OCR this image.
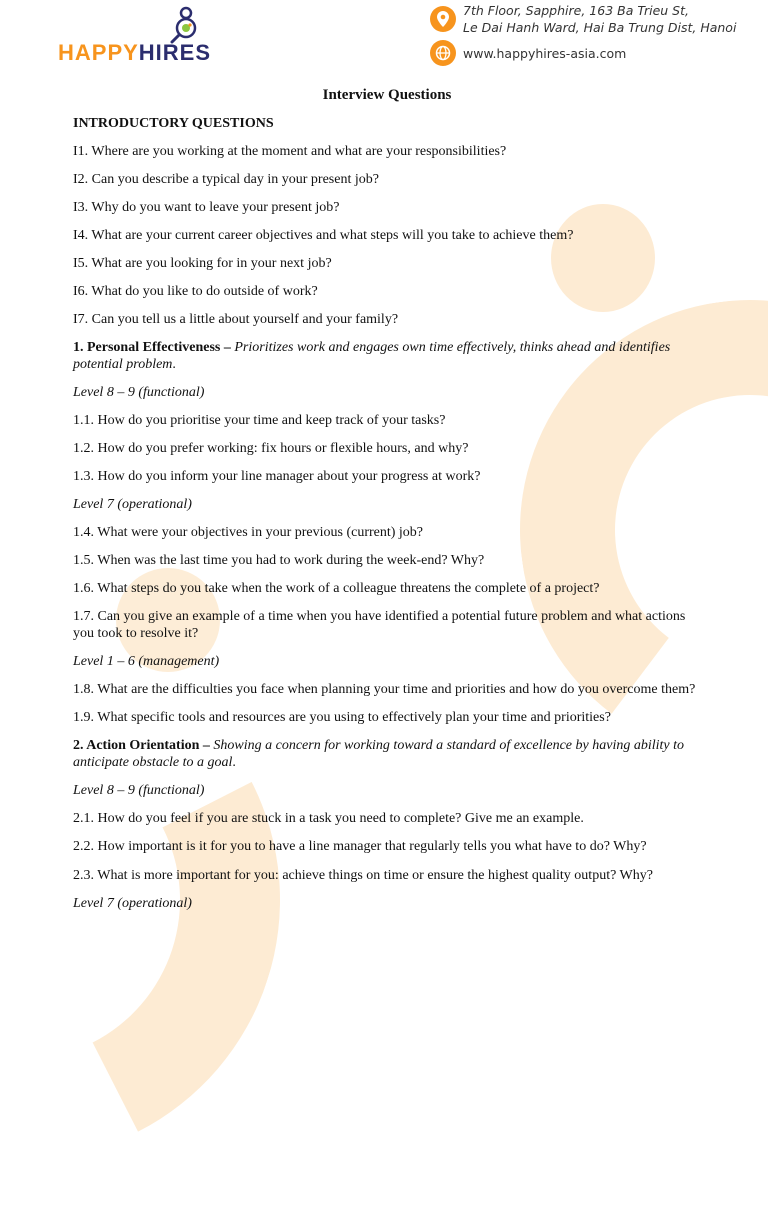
HAPPYHIRES
7th Floor, Sapphire, 163 Ba Trieu St,
Le Dai Hanh Ward, Hai Ba Trung Dist, Hanoi
www.happyhires-asia.com

Interview Questions

INTRODUCTORY QUESTIONS

I1. Where are you working at the moment and what are your responsibilities?

I2. Can you describe a typical day in your present job?

I3. Why do you want to leave your present job?

I4. What are your current career objectives and what steps will you take to achieve them?

I5. What are you looking for in your next job?

I6. What do you like to do outside of work?

I7. Can you tell us a little about yourself and your family?

1. Personal Effectiveness – Prioritizes work and engages own time effectively, thinks ahead and identifies

potential problem.

Level 8 – 9 (functional)

1.1. How do you prioritise your time and keep track of your tasks?

1.2. How do you prefer working: fix hours or flexible hours, and why?

1.3. How do you inform your line manager about your progress at work?

Level 7 (operational)

1.4. What were your objectives in your previous (current) job?

1.5. When was the last time you had to work during the week-end? Why?

1.6. What steps do you take when the work of a colleague threatens the complete of a project?

1.7. Can you give an example of a time when you have identified a potential future problem and what actions

you took to resolve it?

Level 1 – 6 (management)

1.8. What are the difficulties you face when planning your time and priorities and how do you overcome them?

1.9. What specific tools and resources are you using to effectively plan your time and priorities?

2. Action Orientation – Showing a concern for working toward a standard of excellence by having ability to

anticipate obstacle to a goal.

Level 8 – 9 (functional)

2.1. How do you feel if you are stuck in a task you need to complete? Give me an example.

2.2. How important is it for you to have a line manager that regularly tells you what have to do? Why?

2.3. What is more important for you: achieve things on time or ensure the highest quality output? Why?

Level 7 (operational)
